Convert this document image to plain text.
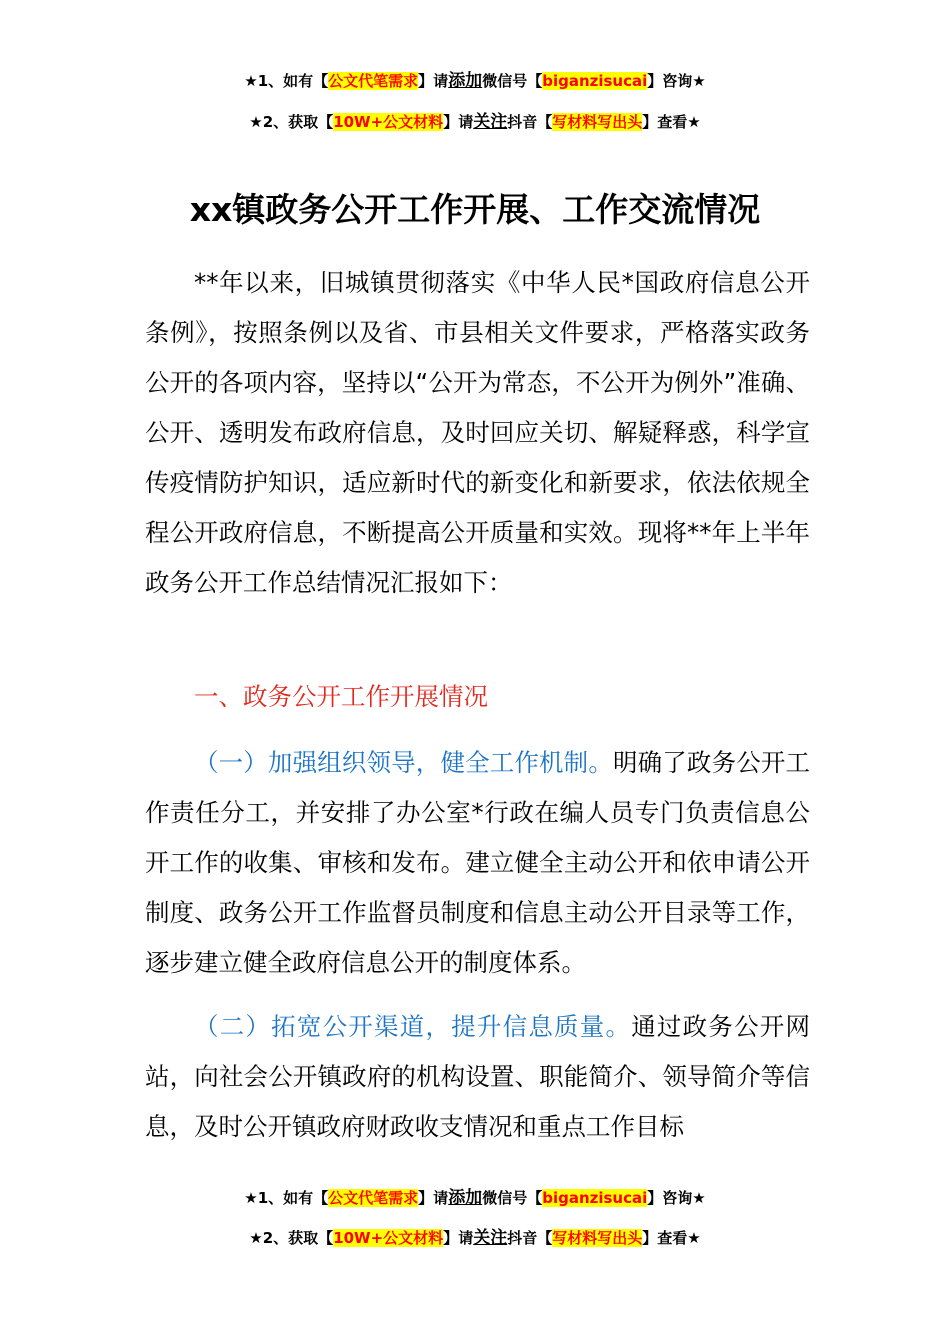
★1、如有【公文代笔需求】请添加微信号【biganzisucai】咨询★
★2、获取【10W+公文材料】请关注抖音【写材料写出头】查看★
xx镇政务公开工作开展、工作交流情况

**年以来，旧城镇贯彻落实《中华人民*国政府信息公开条例》，按照条例以及省、市县相关文件要求，严格落实政务公开的各项内容，坚持以“公开为常态，不公开为例外”准确、公开、透明发布政府信息，及时回应关切、解疑释惑，科学宣传疫情防护知识，适应新时代的新变化和新要求，依法依规全程公开政府信息，不断提高公开质量和实效。现将**年上半年政务公开工作总结情况汇报如下：

一、政务公开工作开展情况

（一）加强组织领导，健全工作机制。明确了政务公开工作责任分工，并安排了办公室*行政在编人员专门负责信息公开工作的收集、审核和发布。建立健全主动公开和依申请公开制度、政务公开工作监督员制度和信息主动公开目录等工作，逐步建立健全政府信息公开的制度体系。

（二）拓宽公开渠道，提升信息质量。通过政务公开网站，向社会公开镇政府的机构设置、职能简介、领导简介等信息，及时公开镇政府财政收支情况和重点工作目标

★1、如有【公文代笔需求】请添加微信号【biganzisucai】咨询★
★2、获取【10W+公文材料】请关注抖音【写材料写出头】查看★
